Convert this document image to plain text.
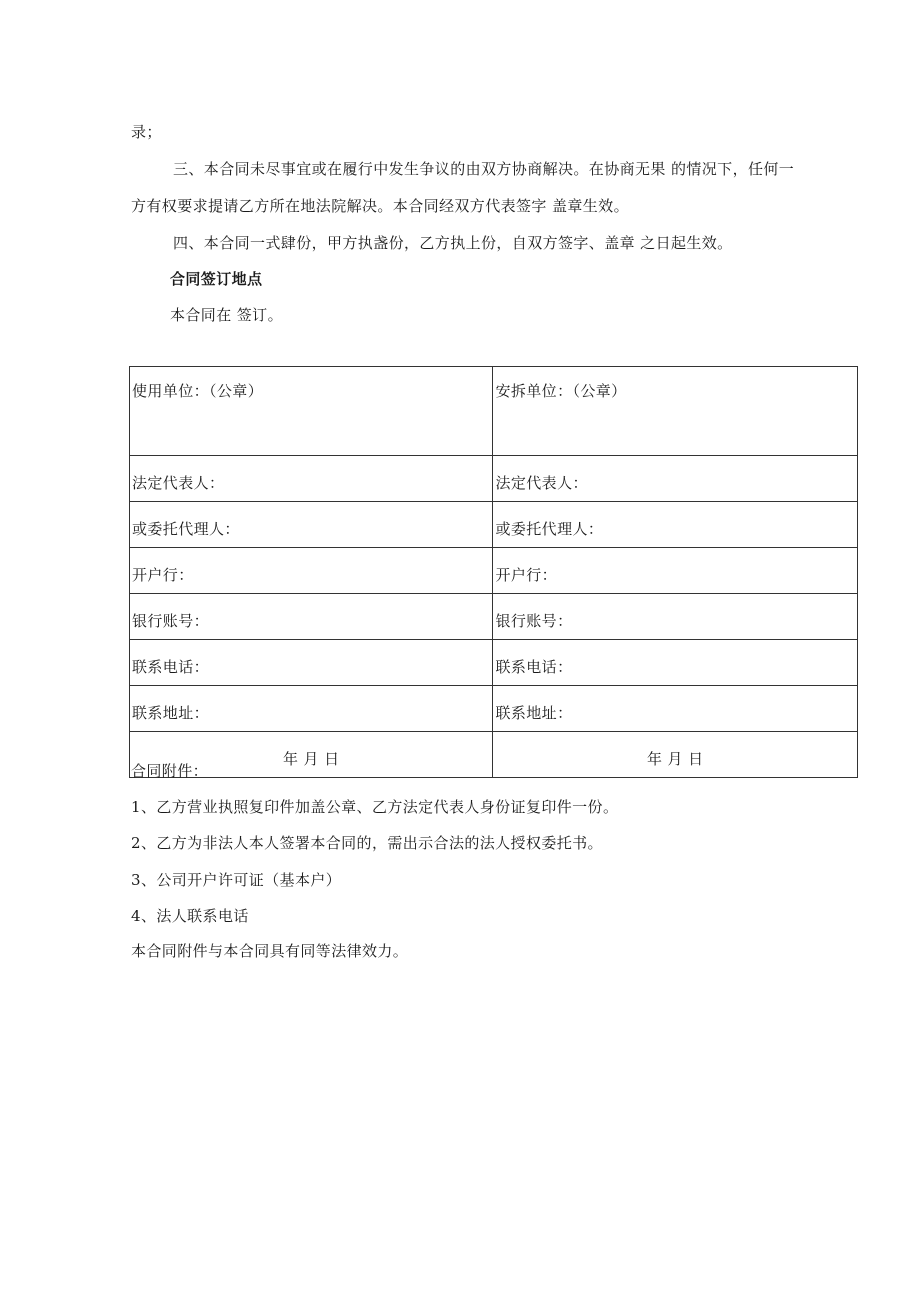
录；
三、本合同未尽事宜或在履行中发生争议的由双方协商解决。在协商无果 的情况下，任何一
方有权要求提请乙方所在地法院解决。本合同经双方代表签字 盖章生效。
四、本合同一式肆份，甲方执盏份，乙方执上份，自双方签字、盖章 之日起生效。
合同签订地点
本合同在 签订。
使用单位：（公章）	安拆单位：（公章）
法定代表人：	法定代表人：
或委托代理人：	或委托代理人：
开户行：	开户行：
银行账号：	银行账号：
联系电话：	联系电话：
联系地址：	联系地址：
年 月 日	年 月 日
合同附件：
1、乙方营业执照复印件加盖公章、乙方法定代表人身份证复印件一份。
2、乙方为非法人本人签署本合同的，需出示合法的法人授权委托书。
3、公司开户许可证（基本户）
4、法人联系电话
本合同附件与本合同具有同等法律效力。
